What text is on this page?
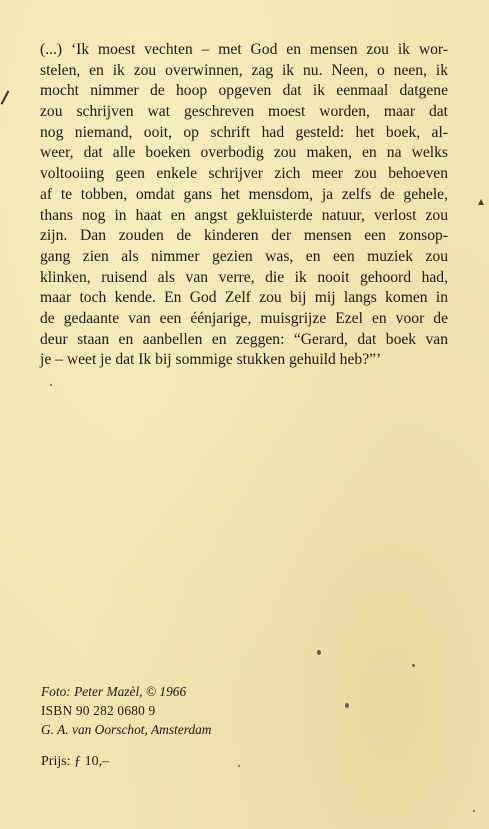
(...) ‘Ik moest vechten – met God en mensen zou ik wor-
stelen, en ik zou overwinnen, zag ik nu. Neen, o neen, ik
mocht nimmer de hoop opgeven dat ik eenmaal datgene
zou schrijven wat geschreven moest worden, maar dat
nog niemand, ooit, op schrift had gesteld: het boek, al-
weer, dat alle boeken overbodig zou maken, en na welks
voltooiing geen enkele schrijver zich meer zou behoeven
af te tobben, omdat gans het mensdom, ja zelfs de gehele,
thans nog in haat en angst gekluisterde natuur, verlost zou
zijn. Dan zouden de kinderen der mensen een zonsop-
gang zien als nimmer gezien was, en een muziek zou
klinken, ruisend als van verre, die ik nooit gehoord had,
maar toch kende. En God Zelf zou bij mij langs komen in
de gedaante van een éénjarige, muisgrijze Ezel en voor de
deur staan en aanbellen en zeggen: “Gerard, dat boek van
je – weet je dat Ik bij sommige stukken gehuild heb?”’
Foto: Peter Mazèl, © 1966
ISBN 90 282 0680 9
G. A. van Oorschot, Amsterdam
Prijs: ƒ 10,–
